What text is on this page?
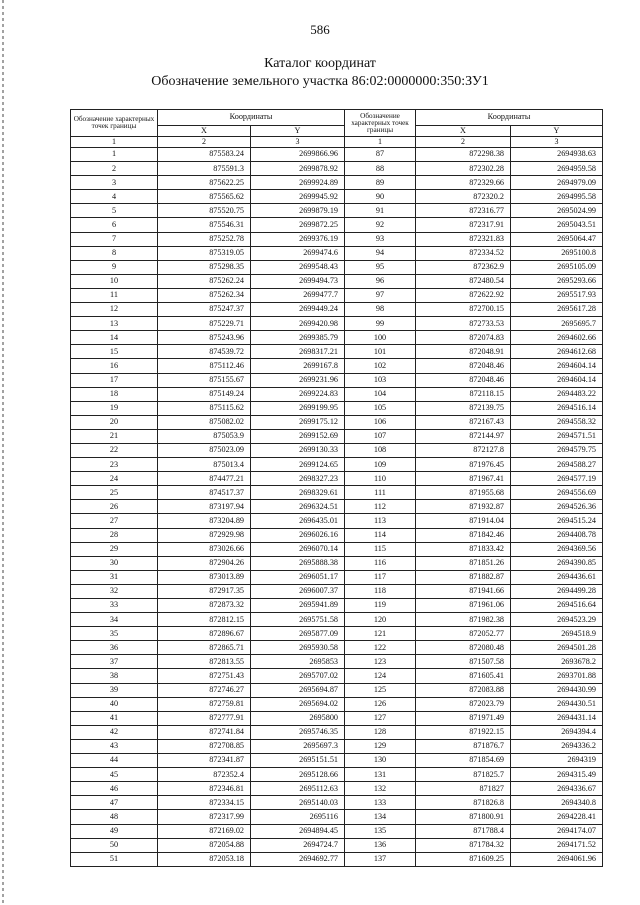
586
Каталог координат
Обозначение земельного участка 86:02:0000000:350:ЗУ1
Обозначение характерных точек границы	Координаты		Обозначение характерных точек границы	Координаты	
	X	Y		X	Y
1	2	3	1	2	3
1	875583.24	2699866.96	87	872298.38	2694938.63
2	875591.3	2699878.92	88	872302.28	2694959.58
3	875622.25	2699924.89	89	872329.66	2694979.09
4	875565.62	2699945.92	90	872320.2	2694995.58
5	875520.75	2699879.19	91	872316.77	2695024.99
6	875546.31	2699872.25	92	872317.91	2695043.51
7	875252.78	2699376.19	93	872321.83	2695064.47
8	875319.05	2699474.6	94	872334.52	2695100.8
9	875298.35	2699548.43	95	872362.9	2695105.09
10	875262.24	2699494.73	96	872480.54	2695293.66
11	875262.34	2699477.7	97	872622.92	2695517.93
12	875247.37	2699449.24	98	872700.15	2695617.28
13	875229.71	2699420.98	99	872733.53	2695695.7
14	875243.96	2699385.79	100	872074.83	2694602.66
15	874539.72	2698317.21	101	872048.91	2694612.68
16	875112.46	2699167.8	102	872048.46	2694604.14
17	875155.67	2699231.96	103	872048.46	2694604.14
18	875149.24	2699224.83	104	872118.15	2694483.22
19	875115.62	2699199.95	105	872139.75	2694516.14
20	875082.02	2699175.12	106	872167.43	2694558.32
21	875053.9	2699152.69	107	872144.97	2694571.51
22	875023.09	2699130.33	108	872127.8	2694579.75
23	875013.4	2699124.65	109	871976.45	2694588.27
24	874477.21	2698327.23	110	871967.41	2694577.19
25	874517.37	2698329.61	111	871955.68	2694556.69
26	873197.94	2696324.51	112	871932.87	2694526.36
27	873204.89	2696435.01	113	871914.04	2694515.24
28	872929.98	2696026.16	114	871842.46	2694408.78
29	873026.66	2696070.14	115	871833.42	2694369.56
30	872904.26	2695888.38	116	871851.26	2694390.85
31	873013.89	2696051.17	117	871882.87	2694436.61
32	872917.35	2696007.37	118	871941.66	2694499.28
33	872873.32	2695941.89	119	871961.06	2694516.64
34	872812.15	2695751.58	120	871982.38	2694523.29
35	872896.67	2695877.09	121	872052.77	2694518.9
36	872865.71	2695930.58	122	872080.48	2694501.28
37	872813.55	2695853	123	871507.58	2693678.2
38	872751.43	2695707.02	124	871605.41	2693701.88
39	872746.27	2695694.87	125	872083.88	2694430.99
40	872759.81	2695694.02	126	872023.79	2694430.51
41	872777.91	2695800	127	871971.49	2694431.14
42	872741.84	2695746.35	128	871922.15	2694394.4
43	872708.85	2695697.3	129	871876.7	2694336.2
44	872341.87	2695151.51	130	871854.69	2694319
45	872352.4	2695128.66	131	871825.7	2694315.49
46	872346.81	2695112.63	132	871827	2694336.67
47	872334.15	2695140.03	133	871826.8	2694340.8
48	872317.99	2695116	134	871800.91	2694228.41
49	872169.02	2694894.45	135	871788.4	2694174.07
50	872054.88	2694724.7	136	871784.32	2694171.52
51	872053.18	2694692.77	137	871609.25	2694061.96
